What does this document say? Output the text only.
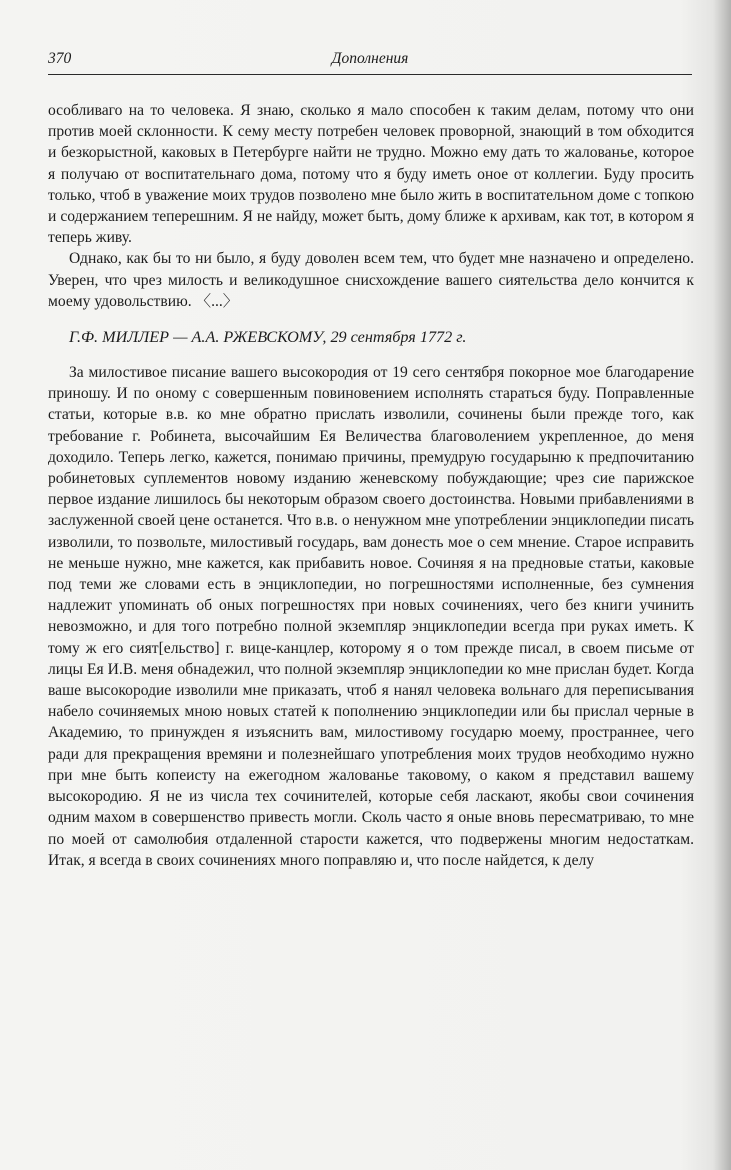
370	Дополнения

особливаго на то человека. Я знаю, сколько я мало способен к таким делам, потому что они против моей склонности. К сему месту потребен человек проворной, знающий в том обходится и безкорыстной, каковых в Петербурге найти не трудно. Можно ему дать то жалованье, которое я получаю от воспитательнаго дома, потому что я буду иметь оное от коллегии. Буду просить только, чтоб в уважение моих трудов позволено мне было жить в воспитательном доме с топкою и содержанием теперешним. Я не найду, может быть, дому ближе к архивам, как тот, в котором я теперь живу.

Однако, как бы то ни было, я буду доволен всем тем, что будет мне назначено и определено. Уверен, что чрез милость и великодушное снисхождение вашего сиятельства дело кончится к моему удовольствию. 〈...〉

Г.Ф. МИЛЛЕР — А.А. РЖЕВСКОМУ, 29 сентября 1772 г.

За милостивое писание вашего высокородия от 19 сего сентября покорное мое благодарение приношу. И по оному с совершенным повиновением исполнять стараться буду. Поправленные статьи, которые в.в. ко мне обратно прислать изволили, сочинены были прежде того, как требование г. Робинета, высочайшим Ея Величества благоволением укрепленное, до меня доходило. Теперь легко, кажется, понимаю причины, премудрую государыню к предпочитанию робинетовых суплементов новому изданию женевскому побуждающие; чрез сие парижское первое издание лишилось бы некоторым образом своего достоинства. Новыми прибавлениями в заслуженной своей цене останется. Что в.в. о ненужном мне употреблении энциклопедии писать изволили, то позвольте, милостивый государь, вам донесть мое о сем мнение. Старое исправить не меньше нужно, мне кажется, как прибавить новое. Сочиняя я на предновые статьи, каковые под теми же словами есть в энциклопедии, но погрешностями исполненные, без сумнения надлежит упоминать об оных погрешностях при новых сочинениях, чего без книги учинить невозможно, и для того потребно полной экземпляр энциклопедии всегда при руках иметь. К тому ж его сият[ельство] г. вице-канцлер, которому я о том прежде писал, в своем письме от лицы Ея И.В. меня обнадежил, что полной экземпляр энциклопедии ко мне прислан будет. Когда ваше высокородие изволили мне приказать, чтоб я нанял человека вольнаго для переписывания набело сочиняемых мною новых статей к пополнению энциклопедии или бы прислал черные в Академию, то принужден я изъяснить вам, милостивому государю моему, пространнее, чего ради для прекращения времяни и полезнейшаго употребления моих трудов необходимо нужно при мне быть копеисту на ежегодном жалованье таковому, о каком я представил вашему высокородию. Я не из числа тех сочинителей, которые себя ласкают, якобы свои сочинения одним махом в совершенство привесть могли. Сколь часто я оные вновь пересматриваю, то мне по моей от самолюбия отдаленной старости кажется, что подвержены многим недостаткам. Итак, я всегда в своих сочинениях много поправляю и, что после найдется, к делу
